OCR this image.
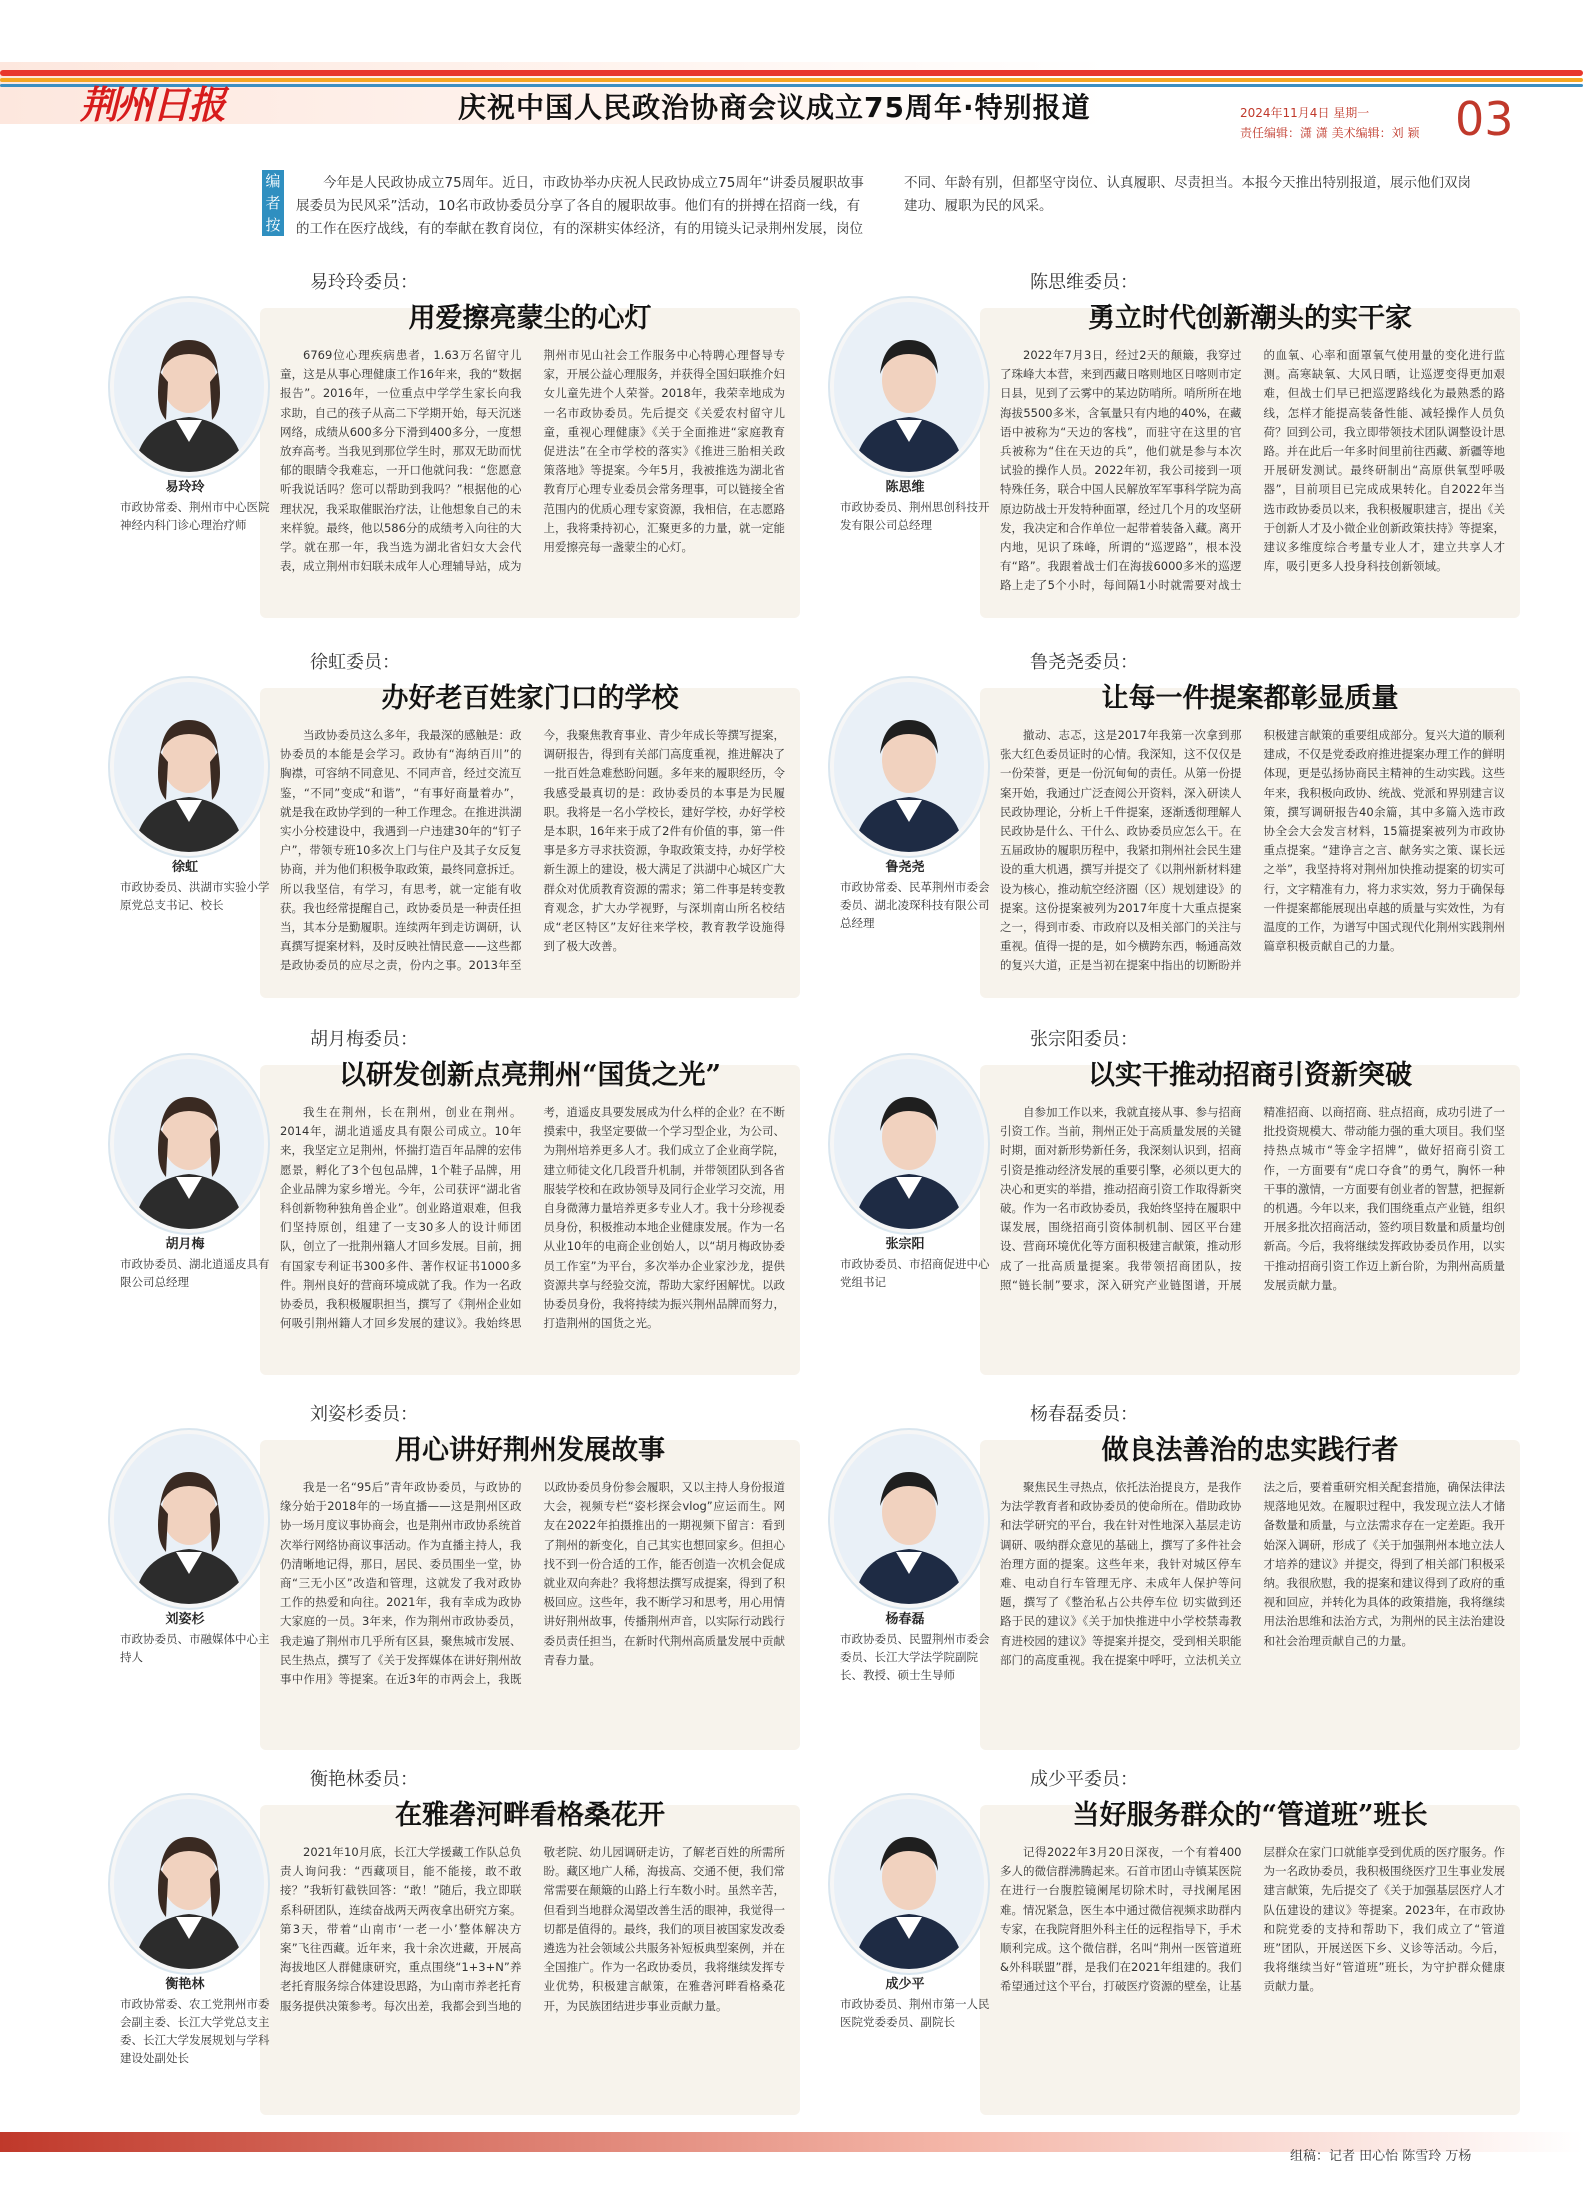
荆州日报	庆祝中国人民政治协商会议成立75周年·特别报道	2024年11月4日 星期一
责任编辑：潇 潇 美术编辑：刘 颖 03
编者按
今年是人民政协成立75周年。近日，市政协举办庆祝人民政协成立75周年“讲委员履职故事 展委员为民风采”活动，10名市政协委员分享了各自的履职故事。他们有的拼搏在招商一线，有的工作在医疗战线，有的奉献在教育岗位，有的深耕实体经济，有的用镜头记录荆州发展，岗位不同、年龄有别，但都坚守岗位、认真履职、尽责担当。本报今天推出特别报道，展示他们双岗建功、履职为民的风采。
易玲玲
市政协常委、荆州市中心医院神经内科门诊心理治疗师
易玲玲委员：
用爱擦亮蒙尘的心灯
6769位心理疾病患者，1.63万名留守儿童，这是从事心理健康工作16年来，我的“数据报告”。2016年，一位重点中学学生家长向我求助，自己的孩子从高二下学期开始，每天沉迷网络，成绩从600多分下滑到400多分，一度想放弃高考。当我见到那位学生时，那双无助而忧郁的眼睛令我难忘，一开口他就问我：“您愿意听我说话吗？您可以帮助到我吗？”根据他的心理状况，我采取催眠治疗法，让他想象自己的未来样貌。最终，他以586分的成绩考入向往的大学。就在那一年，我当选为湖北省妇女大会代表，成立荆州市妇联未成年人心理辅导站，成为荆州市见山社会工作服务中心特聘心理督导专家，开展公益心理服务，并获得全国妇联推介妇女儿童先进个人荣誉。2018年，我荣幸地成为一名市政协委员。先后提交《关爱农村留守儿童，重视心理健康》《关于全面推进“家庭教育促进法”在全市学校的落实》《推进三胎相关政策落地》等提案。今年5月，我被推选为湖北省教育厅心理专业委员会常务理事，可以链接全省范围内的优质心理专家资源，我相信，在志愿路上，我将秉持初心，汇聚更多的力量，就一定能用爱擦亮每一盏蒙尘的心灯。
陈思维
市政协委员、荆州思创科技开发有限公司总经理
陈思维委员：
勇立时代创新潮头的实干家
2022年7月3日，经过2天的颠簸，我穿过了珠峰大本营，来到西藏日喀则地区日喀则市定日县，见到了云雾中的某边防哨所。哨所所在地海拔5500多米，含氧量只有内地的40%，在藏语中被称为“天边的客栈”，而驻守在这里的官兵被称为“住在天边的兵”，他们就是参与本次试验的操作人员。2022年初，我公司接到一项特殊任务，联合中国人民解放军军事科学院为高原边防战士开发特种面罩，经过几个月的攻坚研发，我决定和合作单位一起带着装备入藏。离开内地，见识了珠峰，所谓的“巡逻路”，根本没有“路”。我跟着战士们在海拔6000多米的巡逻路上走了5个小时，每间隔1小时就需要对战士的血氧、心率和面罩氧气使用量的变化进行监测。高寒缺氧、大风日晒，让巡逻变得更加艰难，但战士们早已把巡逻路线化为最熟悉的路线，怎样才能提高装备性能、减轻操作人员负荷？回到公司，我立即带领技术团队调整设计思路。并在此后一年多时间里前往西藏、新疆等地开展研发测试。最终研制出“高原供氧型呼吸器”，目前项目已完成成果转化。自2022年当选市政协委员以来，我积极履职建言，提出《关于创新人才及小微企业创新政策扶持》等提案，建议多维度综合考量专业人才，建立共享人才库，吸引更多人投身科技创新领域。
徐虹
市政协委员、洪湖市实验小学原党总支书记、校长
徐虹委员：
办好老百姓家门口的学校
当政协委员这么多年，我最深的感触是：政协委员的本能是会学习。政协有“海纳百川”的胸襟，可容纳不同意见、不同声音，经过交流互鉴，“不同”变成“和谐”，“有事好商量着办”，就是我在政协学到的一种工作理念。在推进洪湖实小分校建设中，我遇到一户违建30年的“钉子户”，带领专班10多次上门与住户及其子女反复协商，并为他们积极争取政策，最终同意拆迁。所以我坚信，有学习，有思考，就一定能有收获。我也经常提醒自己，政协委员是一种责任担当，其本分是勤履职。连续两年到走访调研，认真撰写提案材料，及时反映社情民意——这些都是政协委员的应尽之责，份内之事。2013年至今，我聚焦教育事业、青少年成长等撰写提案，调研报告，得到有关部门高度重视，推进解决了一批百姓急难愁盼问题。多年来的履职经历，令我感受最真切的是：政协委员的本事是为民履职。我将是一名小学校长，建好学校，办好学校是本职，16年来于成了2件有价值的事，第一件事是多方寻求扶资源，争取政策支持，办好学校新生源上的建设，极大满足了洪湖中心城区广大群众对优质教育资源的需求；第二件事是转变教育观念，扩大办学视野，与深圳南山所名校结成“老区特区”友好往来学校，教育教学设施得到了极大改善。
鲁尧尧
市政协常委、民革荆州市委会委员、湖北凌琛科技有限公司总经理
鲁尧尧委员：
让每一件提案都彰显质量
撤动、志忑，这是2017年我第一次拿到那张大红色委员证时的心情。我深知，这不仅仅是一份荣誉，更是一份沉甸甸的责任。从第一份提案开始，我通过广泛查阅公开资料，深入研读人民政协理论，分析上千件提案，逐渐透彻理解人民政协是什么、干什么、政协委员应怎么干。在五届政协的履职历程中，我紧扣荆州社会民生建设的重大机遇，撰写并提交了《以荆州新材料建设为核心，推动航空经济圈（区）规划建设》的提案。这份提案被列为2017年度十大重点提案之一，得到市委、市政府以及相关部门的关注与重视。值得一提的是，如今横跨东西，畅通高效的复兴大道，正是当初在提案中指出的切断盼并积极建言献策的重要组成部分。复兴大道的顺利建成，不仅是党委政府推进提案办理工作的鲜明体现，更是弘扬协商民主精神的生动实践。这些年来，我积极向政协、统战、党派和界别建言议策，撰写调研报告40余篇，其中多篇入选市政协全会大会发言材料，15篇提案被列为市政协重点提案。“建诤言之言、献务实之策、谋长远之举”，我坚持将对荆州加快推动提案的切实可行，文字精准有力，将力求实效，努力于确保每一件提案都能展现出卓越的质量与实效性，为有温度的工作，为谱写中国式现代化荆州实践荆州篇章积极贡献自己的力量。
胡月梅
市政协委员、湖北逍遥皮具有限公司总经理
胡月梅委员：
以研发创新点亮荆州“国货之光”
我生在荆州，长在荆州，创业在荆州。2014年，湖北逍遥皮具有限公司成立。10年来，我坚定立足荆州，怀揣打造百年品牌的宏伟愿景，孵化了3个包包品牌，1个鞋子品牌，用企业品牌为家乡增光。今年，公司获评“湖北省科创新物种独角兽企业”。创业路道艰难，但我们坚持原创，组建了一支30多人的设计师团队，创立了一批荆州籍人才回乡发展。目前，拥有国家专利证书300多件、著作权证书1000多件。荆州良好的营商环境成就了我。作为一名政协委员，我积极履职担当，撰写了《荆州企业如何吸引荆州籍人才回乡发展的建议》。我始终思考，逍遥皮具要发展成为什么样的企业？在不断摸索中，我坚定要做一个学习型企业，为公司、为荆州培养更多人才。我们成立了企业商学院，建立师徒文化几段晋升机制，并带领团队到各省服装学校和在政协领导及同行企业学习交流，用自身微薄力量培养更多专业人才。我十分珍视委员身份，积极推动本地企业健康发展。作为一名从业10年的电商企业创始人，以“胡月梅政协委员工作室”为平台，多次举办企业家沙龙，提供资源共享与经验交流，帮助大家纾困解忧。以政协委员身份，我将持续为振兴荆州品牌而努力，打造荆州的国货之光。
张宗阳
市政协委员、市招商促进中心党组书记
张宗阳委员：
以实干推动招商引资新突破
自参加工作以来，我就直接从事、参与招商引资工作。当前，荆州正处于高质量发展的关键时期，面对新形势新任务，我深刻认识到，招商引资是推动经济发展的重要引擎，必须以更大的决心和更实的举措，推动招商引资工作取得新突破。作为一名市政协委员，我始终坚持在履职中谋发展，围绕招商引资体制机制、园区平台建设、营商环境优化等方面积极建言献策，推动形成了一批高质量提案。我带领招商团队，按照“链长制”要求，深入研究产业链图谱，开展精准招商、以商招商、驻点招商，成功引进了一批投资规模大、带动能力强的重大项目。我们坚持热点城市“等金字招牌”，做好招商引资工作，一方面要有“虎口夺食”的勇气，胸怀一种干事的激情，一方面要有创业者的智慧，把握新的机遇。今年以来，我们围绕重点产业链，组织开展多批次招商活动，签约项目数量和质量均创新高。今后，我将继续发挥政协委员作用，以实干推动招商引资工作迈上新台阶，为荆州高质量发展贡献力量。
刘姿杉
市政协委员、市融媒体中心主持人
刘姿杉委员：
用心讲好荆州发展故事
我是一名“95后”青年政协委员，与政协的缘分始于2018年的一场直播——这是荆州区政协一场月度议事协商会，也是荆州市政协系统首次举行网络协商议事活动。作为直播主持人，我仍清晰地记得，那日，居民、委员围坐一堂，协商“三无小区”改造和管理，这就发了我对政协工作的热爱和向往。2021年，我有幸成为政协大家庭的一员。3年来，作为荆州市政协委员，我走遍了荆州市几乎所有区县，聚焦城市发展、民生热点，撰写了《关于发挥媒体在讲好荆州故事中作用》等提案。在近3年的市两会上，我既以政协委员身份参会履职，又以主持人身份报道大会，视频专栏“姿杉探会vlog”应运而生。网友在2022年拍摄推出的一期视频下留言：看到了荆州的新变化，自己其实也想回家乡。但担心找不到一份合适的工作，能否创造一次机会促成就业双向奔赴？我将想法撰写成提案，得到了积极回应。这些年，我不断学习和思考，用心用情讲好荆州故事，传播荆州声音，以实际行动践行委员责任担当，在新时代荆州高质量发展中贡献青春力量。
杨春磊
市政协委员、民盟荆州市委会委员、长江大学法学院副院长、教授、硕士生导师
杨春磊委员：
做良法善治的忠实践行者
聚焦民生寻热点，依托法治提良方，是我作为法学教育者和政协委员的使命所在。借助政协和法学研究的平台，我在针对性地深入基层走访调研、吸纳群众意见的基础上，撰写了多件社会治理方面的提案。这些年来，我针对城区停车难、电动自行车管理无序、未成年人保护等问题，撰写了《整治私占公共停车位 切实做到还路于民的建议》《关于加快推进中小学校禁毒教育进校园的建议》等提案并提交，受到相关职能部门的高度重视。我在提案中呼吁，立法机关立法之后，要着重研究相关配套措施，确保法律法规落地见效。在履职过程中，我发现立法人才储备数量和质量，与立法需求存在一定差距。我开始深入调研，形成了《关于加强荆州本地立法人才培养的建议》并提交，得到了相关部门积极采纳。我很欣慰，我的提案和建议得到了政府的重视和回应，并转化为具体的政策措施，我将继续用法治思维和法治方式，为荆州的民主法治建设和社会治理贡献自己的力量。
衡艳林
市政协常委、农工党荆州市委会副主委、长江大学党总支主委、长江大学发展规划与学科建设处副处长
衡艳林委员：
在雅砻河畔看格桑花开
2021年10月底，长江大学援藏工作队总负责人询问我：“西藏项目，能不能接，敢不敢接？”我斩钉截铁回答：“敢！”随后，我立即联系科研团队，连续奋战两天两夜拿出研究方案。第3天，带着“山南市‘一老一小’整体解决方案”飞往西藏。近年来，我十余次进藏，开展高海拔地区人群健康研究，重点围绕“1+3+N”养老托育服务综合体建设思路，为山南市养老托育服务提供决策参考。每次出差，我都会到当地的敬老院、幼儿园调研走访，了解老百姓的所需所盼。藏区地广人稀，海拔高、交通不便，我们常常需要在颠簸的山路上行车数小时。虽然辛苦，但看到当地群众渴望改善生活的眼神，我觉得一切都是值得的。最终，我们的项目被国家发改委遴选为社会领域公共服务补短板典型案例，并在全国推广。作为一名政协委员，我将继续发挥专业优势，积极建言献策，在雅砻河畔看格桑花开，为民族团结进步事业贡献力量。
成少平
市政协委员、荆州市第一人民医院党委委员、副院长
成少平委员：
当好服务群众的“管道班”班长
记得2022年3月20日深夜，一个有着400多人的微信群沸腾起来。石首市团山寺镇某医院在进行一台腹腔镜阑尾切除术时，寻找阑尾困难。情况紧急，医生本中通过微信视频求助群内专家，在我院肾胆外科主任的远程指导下，手术顺利完成。这个微信群，名叫“荆州一医管道班&外科联盟”群，是我们在2021年组建的。我们希望通过这个平台，打破医疗资源的壁垒，让基层群众在家门口就能享受到优质的医疗服务。作为一名政协委员，我积极围绕医疗卫生事业发展建言献策，先后提交了《关于加强基层医疗人才队伍建设的建议》等提案。2023年，在市政协和院党委的支持和帮助下，我们成立了“管道班”团队，开展送医下乡、义诊等活动。今后，我将继续当好“管道班”班长，为守护群众健康贡献力量。
组稿：记者 田心怡 陈雪玲 万杨
